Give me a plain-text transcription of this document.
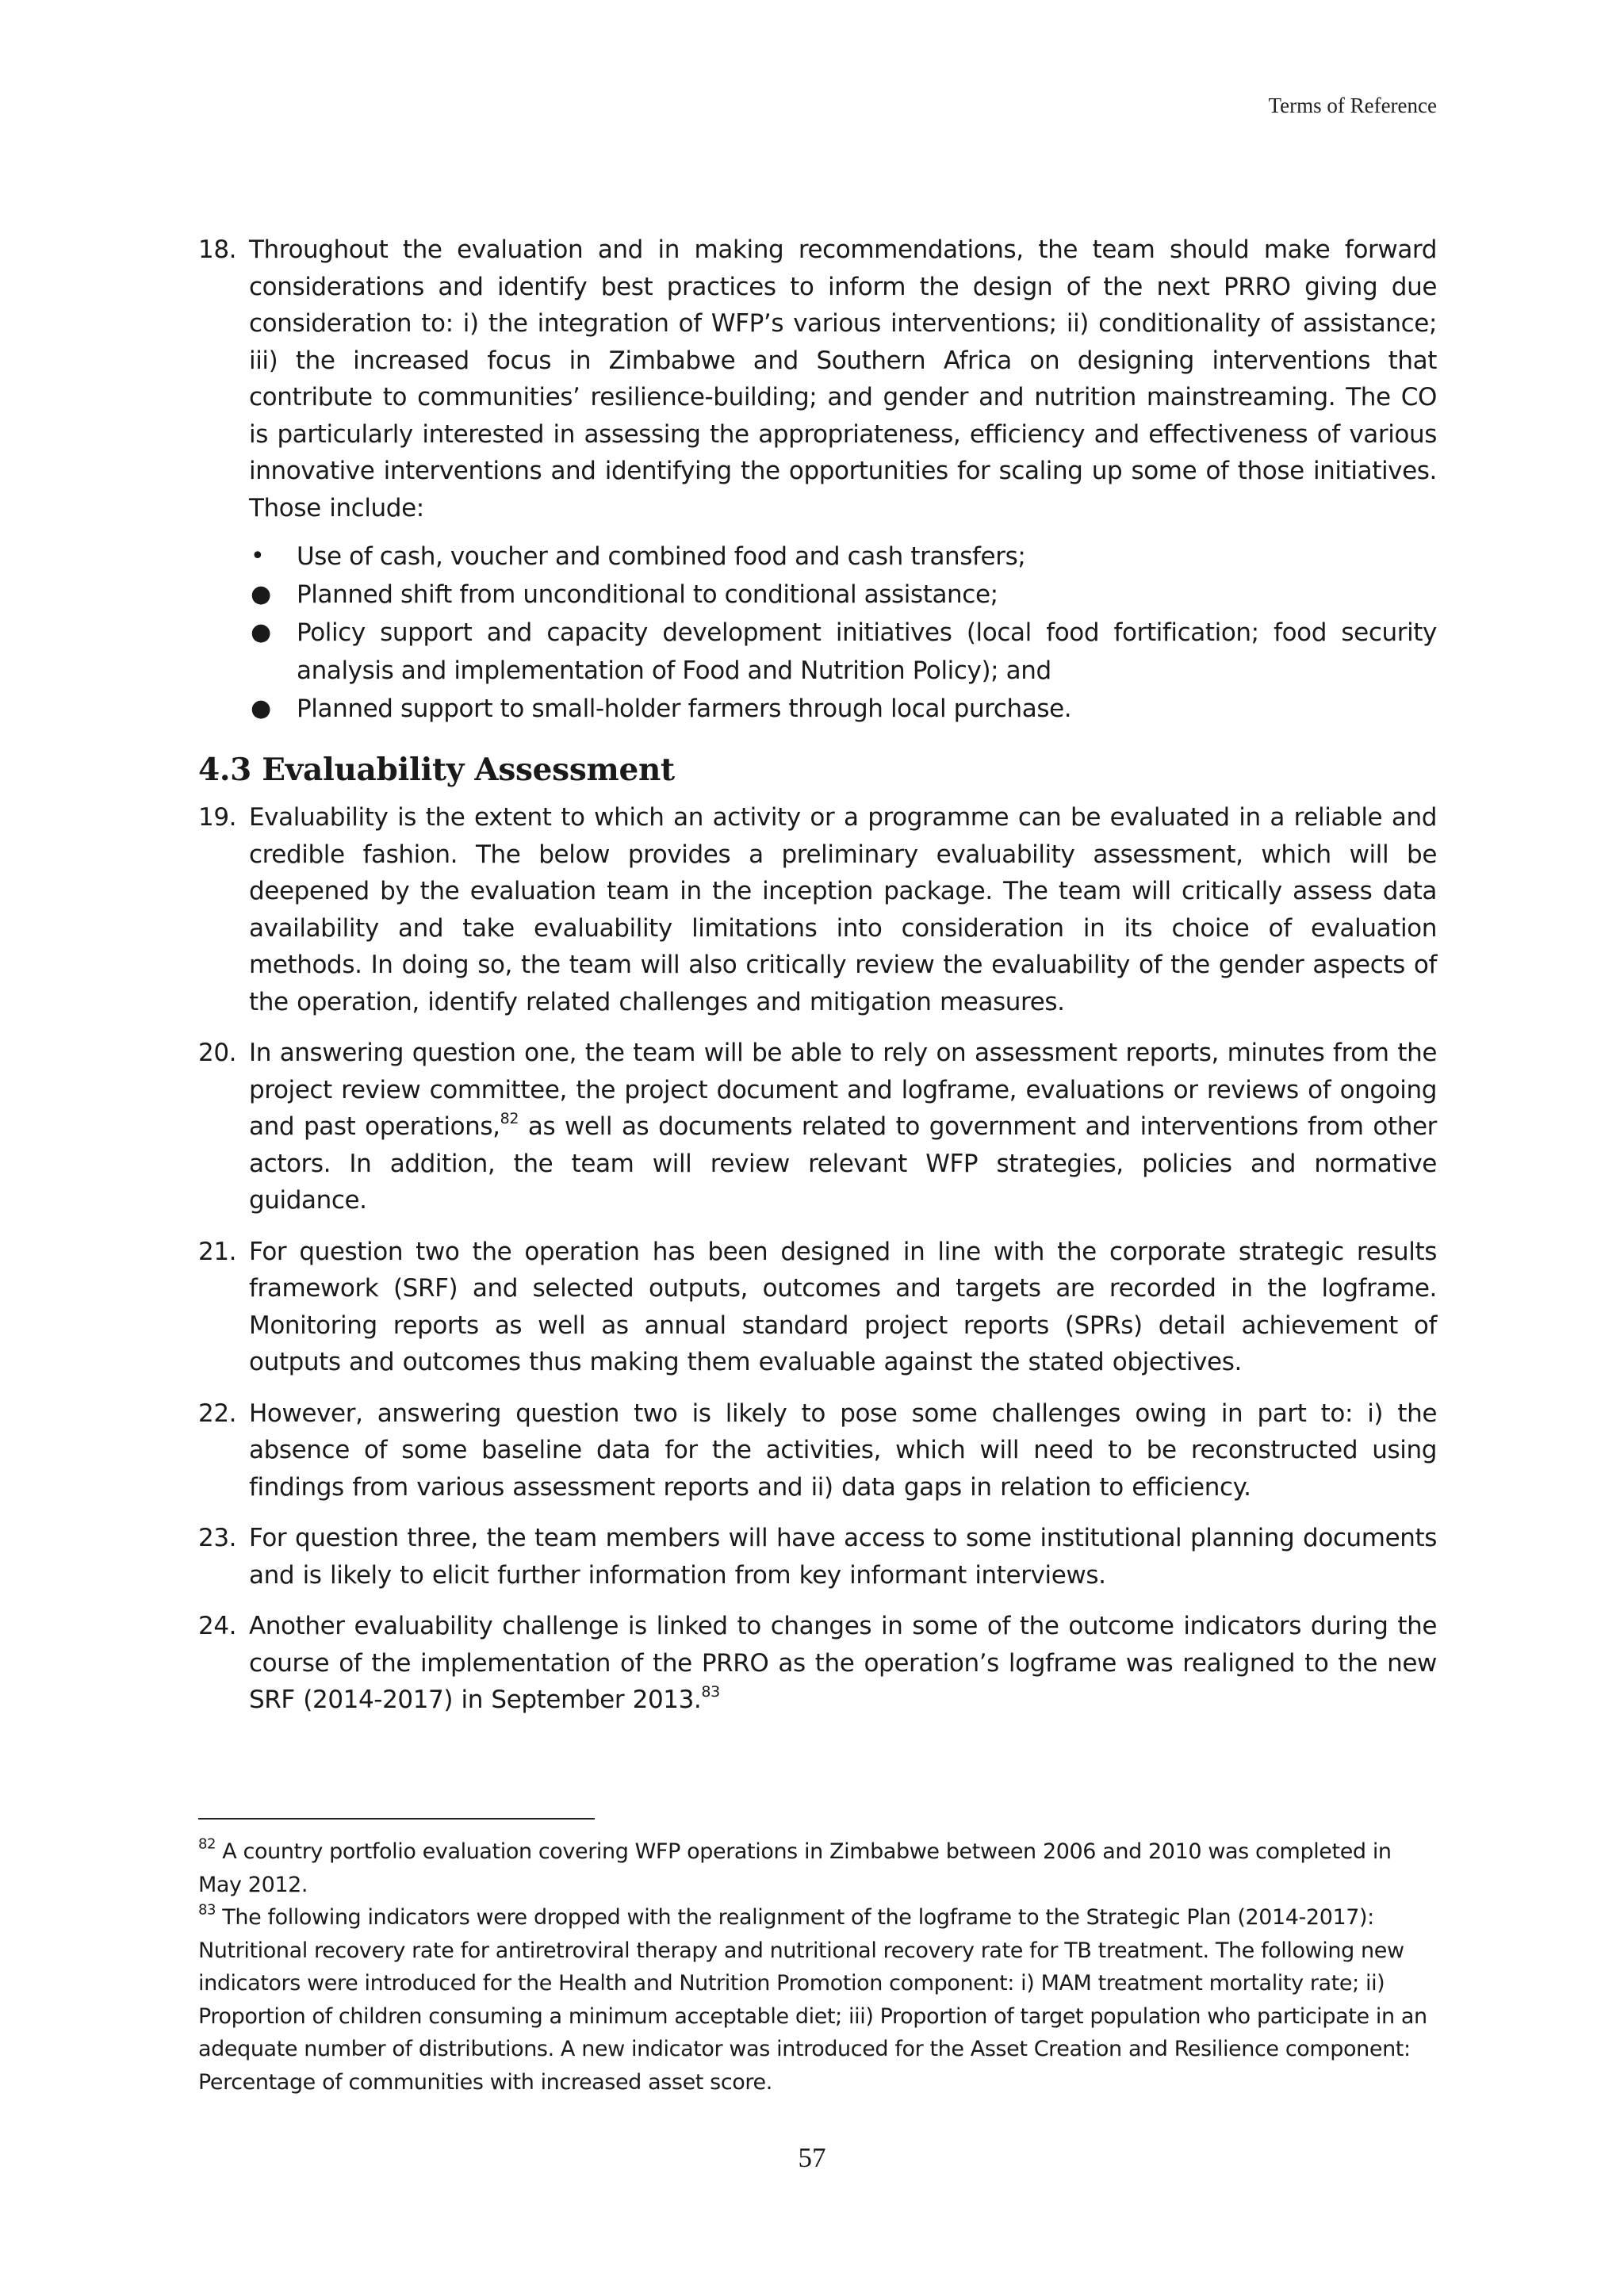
Terms of Reference

18. Throughout the evaluation and in making recommendations, the team should make forward considerations and identify best practices to inform the design of the next PRRO giving due consideration to: i) the integration of WFP’s various interventions; ii) conditionality of assistance; iii) the increased focus in Zimbabwe and Southern Africa on designing interventions that contribute to communities’ resilience-building; and gender and nutrition mainstreaming. The CO is particularly interested in assessing the appropriateness, efficiency and effectiveness of various innovative interventions and identifying the opportunities for scaling up some of those initiatives. Those include:

• Use of cash, voucher and combined food and cash transfers;
● Planned shift from unconditional to conditional assistance;
● Policy support and capacity development initiatives (local food fortification; food security analysis and implementation of Food and Nutrition Policy); and
● Planned support to small-holder farmers through local purchase.
4.3 Evaluability Assessment

19. Evaluability is the extent to which an activity or a programme can be evaluated in a reliable and credible fashion. The below provides a preliminary evaluability assessment, which will be deepened by the evaluation team in the inception package. The team will critically assess data availability and take evaluability limitations into consideration in its choice of evaluation methods. In doing so, the team will also critically review the evaluability of the gender aspects of the operation, identify related challenges and mitigation measures.

20. In answering question one, the team will be able to rely on assessment reports, minutes from the project review committee, the project document and logframe, evaluations or reviews of ongoing and past operations,$^{82}$ as well as documents related to government and interventions from other actors. In addition, the team will review relevant WFP strategies, policies and normative guidance.

21. For question two the operation has been designed in line with the corporate strategic results framework (SRF) and selected outputs, outcomes and targets are recorded in the logframe. Monitoring reports as well as annual standard project reports (SPRs) detail achievement of outputs and outcomes thus making them evaluable against the stated objectives.

22. However, answering question two is likely to pose some challenges owing in part to: i) the absence of some baseline data for the activities, which will need to be reconstructed using findings from various assessment reports and ii) data gaps in relation to efficiency.

23. For question three, the team members will have access to some institutional planning documents and is likely to elicit further information from key informant interviews.

24. Another evaluability challenge is linked to changes in some of the outcome indicators during the course of the implementation of the PRRO as the operation’s logframe was realigned to the new SRF (2014-2017) in September 2013.83

$^{82}$ A country portfolio evaluation covering WFP operations in Zimbabwe between 2006 and 2010 was completed in May 2012.

$^{83}$ The following indicators were dropped with the realignment of the logframe to the Strategic Plan (2014-2017): Nutritional recovery rate for antiretroviral therapy and nutritional recovery rate for TB treatment. The following new indicators were introduced for the Health and Nutrition Promotion component: i) MAM treatment mortality rate; ii) Proportion of children consuming a minimum acceptable diet; iii) Proportion of target population who participate in an adequate number of distributions. A new indicator was introduced for the Asset Creation and Resilience component: Percentage of communities with increased asset score.

57
